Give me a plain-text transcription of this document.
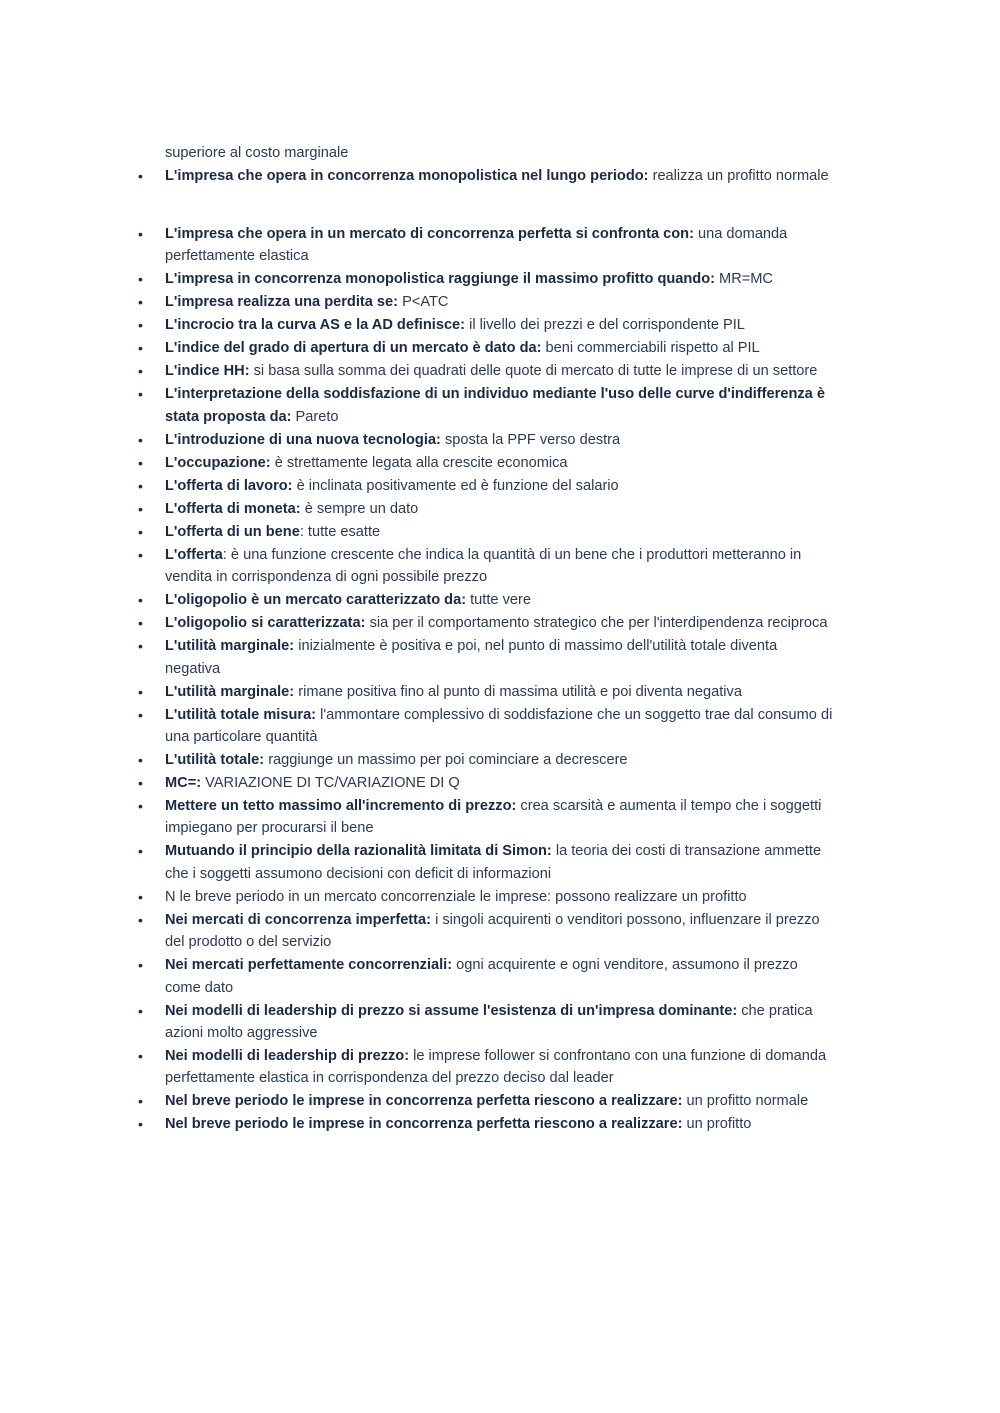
superiore al costo marginale
• L'impresa che opera in concorrenza monopolistica nel lungo periodo: realizza un profitto normale
• L'impresa che opera in un mercato di concorrenza perfetta si confronta con: una domanda perfettamente elastica
• L'impresa in concorrenza monopolistica raggiunge il massimo profitto quando: MR=MC
• L'impresa realizza una perdita se: P<ATC
• L'incrocio tra la curva AS e la AD definisce: il livello dei prezzi e del corrispondente PIL
• L'indice del grado di apertura di un mercato è dato da: beni commerciabili rispetto al PIL
• L'indice HH: si basa sulla somma dei quadrati delle quote di mercato di tutte le imprese di un settore
• L'interpretazione della soddisfazione di un individuo mediante l'uso delle curve d'indifferenza è stata proposta da: Pareto
• L'introduzione di una nuova tecnologia: sposta la PPF verso destra
• L'occupazione: è strettamente legata alla crescite economica
• L'offerta di lavoro: è inclinata positivamente ed è funzione del salario
• L'offerta di moneta: è sempre un dato
• L'offerta di un bene: tutte esatte
• L'offerta: è una funzione crescente che indica la quantità di un bene che i produttori metteranno in vendita in corrispondenza di ogni possibile prezzo
• L'oligopolio è un mercato caratterizzato da: tutte vere
• L'oligopolio si caratterizzata: sia per il comportamento strategico che per l'interdipendenza reciproca
• L'utilità marginale: inizialmente è positiva e poi, nel punto di massimo dell'utilità totale diventa negativa
• L'utilità marginale: rimane positiva fino al punto di massima utilità e poi diventa negativa
• L'utilità totale misura: l'ammontare complessivo di soddisfazione che un soggetto trae dal consumo di una particolare quantità
• L'utilità totale: raggiunge un massimo per poi cominciare a decrescere
• MC=: VARIAZIONE DI TC/VARIAZIONE DI Q
• Mettere un tetto massimo all'incremento di prezzo: crea scarsità e aumenta il tempo che i soggetti impiegano per procurarsi il bene
• Mutuando il principio della razionalità limitata di Simon: la teoria dei costi di transazione ammette che i soggetti assumono decisioni con deficit di informazioni
• N le breve periodo in un mercato concorrenziale le imprese: possono realizzare un profitto
• Nei mercati di concorrenza imperfetta: i singoli acquirenti o venditori possono, influenzare il prezzo del prodotto o del servizio
• Nei mercati perfettamente concorrenziali: ogni acquirente e ogni venditore, assumono il prezzo come dato
• Nei modelli di leadership di prezzo si assume l'esistenza di un'impresa dominante: che pratica azioni molto aggressive
• Nei modelli di leadership di prezzo: le imprese follower si confrontano con una funzione di domanda perfettamente elastica in corrispondenza del prezzo deciso dal leader
• Nel breve periodo le imprese in concorrenza perfetta riescono a realizzare: un profitto normale
• Nel breve periodo le imprese in concorrenza perfetta riescono a realizzare: un profitto
